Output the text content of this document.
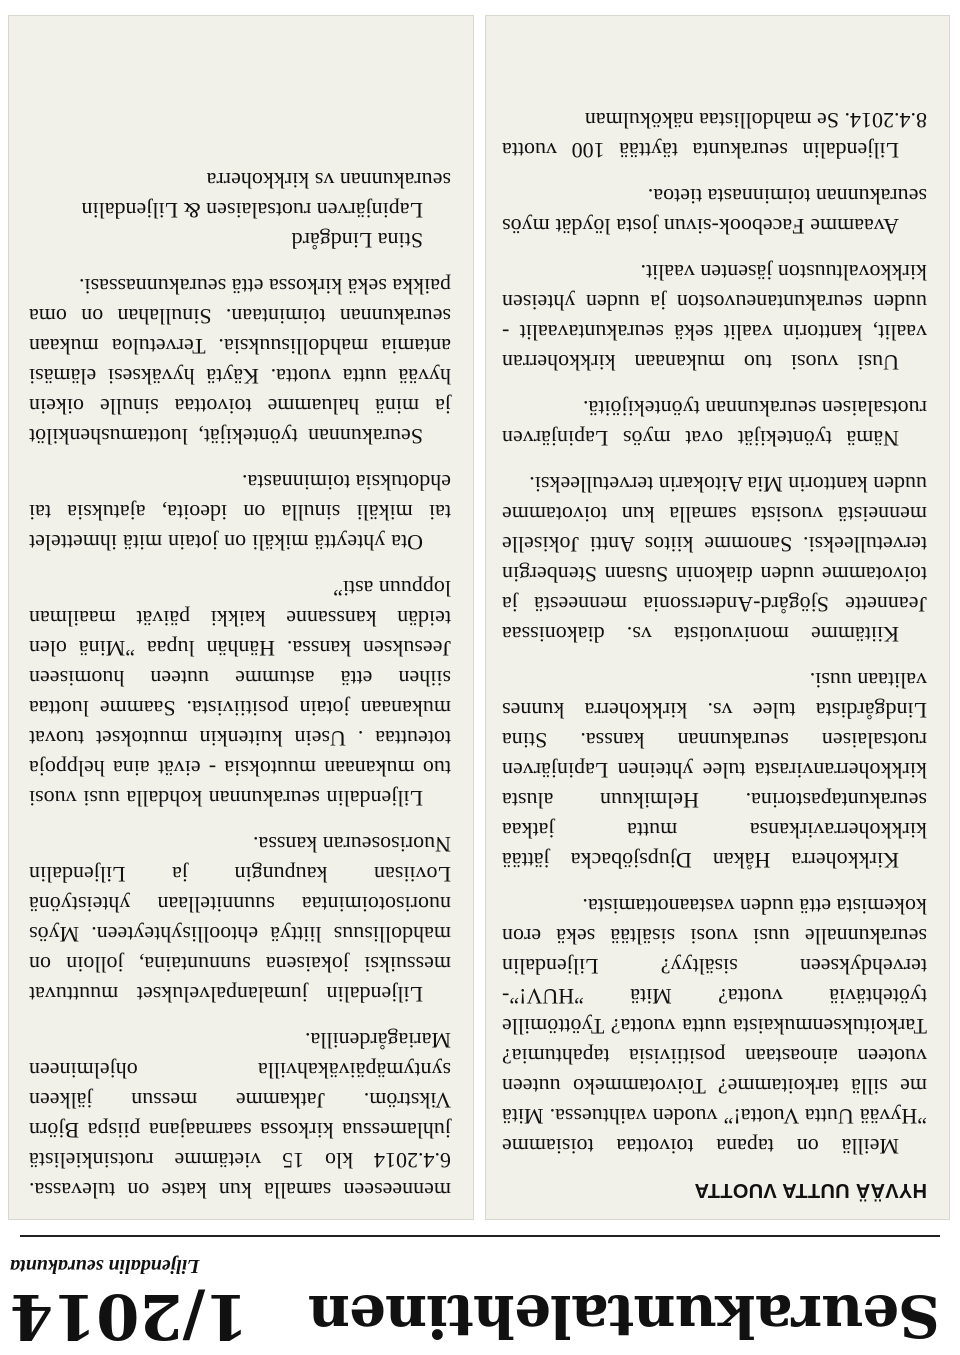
Seurakuntalehtinen
1/2014
Liljendalin seurakunta
HYVÄÄ UUTTA VUOTTA

Meillä on tapana toivottaa toisiamme ”Hyvää Uutta Vuotta!” vuoden vaihtuessa. Mitä me sillä tarkoitamme? Toivotammeko uuteen vuoteen ainoastaan positiivisia tapahtumia? Tarkoituksenmukaista uutta vuotta? Työttömille työtehtäviä vuotta? Mitä ”HUV!”- tervehdykseen sisältyy? Liljendalin seurakunnalle uusi vuosi sisältää sekä eron kokemista että uuden vastaanottamista.

Kirkkoherra Håkan Djupsjöbacka jättää kirkkoherravirkansa mutta jatkaa seurakuntapastorina. Helmikuun alusta kirkkoherranvirasta tulee yhteinen Lapinjärven ruotsalaisen seurakunnan kanssa. Stina Lindgårdista tulee vs. kirkkoherra kunnes valitaan uusi.

Kiitämme monivuotista vs. diakonissaa Jeannette Sjögård-Anderssonia menneestä ja toivotamme uuden diakonin Susann Stenbergin tervetulleeksi. Sanomme kiitos Antti Jokiselle menneistä vuosista samalla kun toivotamme uuden kanttorin Mia Aitokarin tervetulleeksi.

Nämä työntekijät ovat myös Lapinjärven ruotsalaisen seurakunnan työntekijöitä.

Uusi vuosi tuo mukanaan kirkkoherran vaalit, kanttorin vaalit sekä seurakuntavaalit - uuden seurakuntaneuvoston ja uuden yhteisen kirkkovaltuuston jäsenten vaalit.

Avaamme Facebook-sivun josta löydät myös seurakunnan toiminnasta tietoa.

Liljendalin seurakunta täyttää 100 vuotta 8.4.2014. Se mahdollistaa näkökulman

menneeseen samalla kun katse on tulevassa. 6.4.2014 klo 15 vietämme ruotsinkielistä juhlamessua kirkossa saarnaajana piispa Björn Vikström. Jatkamme messun jälkeen syntymäpäiväkahvilla ohjelmineen Mariagårdenilla.

Liljendalin jumalanpalvelukset muuttuvat messuiksi jokaisena sunnuntaina, jolloin on mahdollisuus liittyä ehtoollisyhteyteen. Myös nuorisotoimintaa suunnitellaan yhteistyönä Loviisan kaupungin ja Liljendalin Nuorisoseuran kanssa.

Liljendalin seurakunnan kohdalla uusi vuosi tuo mukanaan muutoksia - eivät aina helppoja toteuttaa . Usein kuitenkin muutokset tuovat mukanaan jotain positiivista. Saamme luottaa siihen että astumme uuteen huomiseen Jeesuksen kanssa. Hänhän lupaa ”Minä olen teidän kanssanne kaikki päivät maailman loppuun asti”

Ota yhteyttä mikäli on jotain mitä ihmettelet tai mikäli sinulla on ideoita, ajatuksia tai ehdotuksia toiminnasta.

Seurakunnan työntekijät, luottamushenkilöt ja minä haluamme toivottaa sinulle oikein hyvää uutta vuotta. Käytä hyväksesi elämäsi antamia mahdollisuuksia. Tervetuloa mukaan seurakunnan toimintaan. Sinullahan on oma paikka sekä kirkossa että seurakunnassasi.

Stina Lindgård

Lapinjärven ruotsalaisen & Liljendalin

seurakunnan vs kirkkoherra
